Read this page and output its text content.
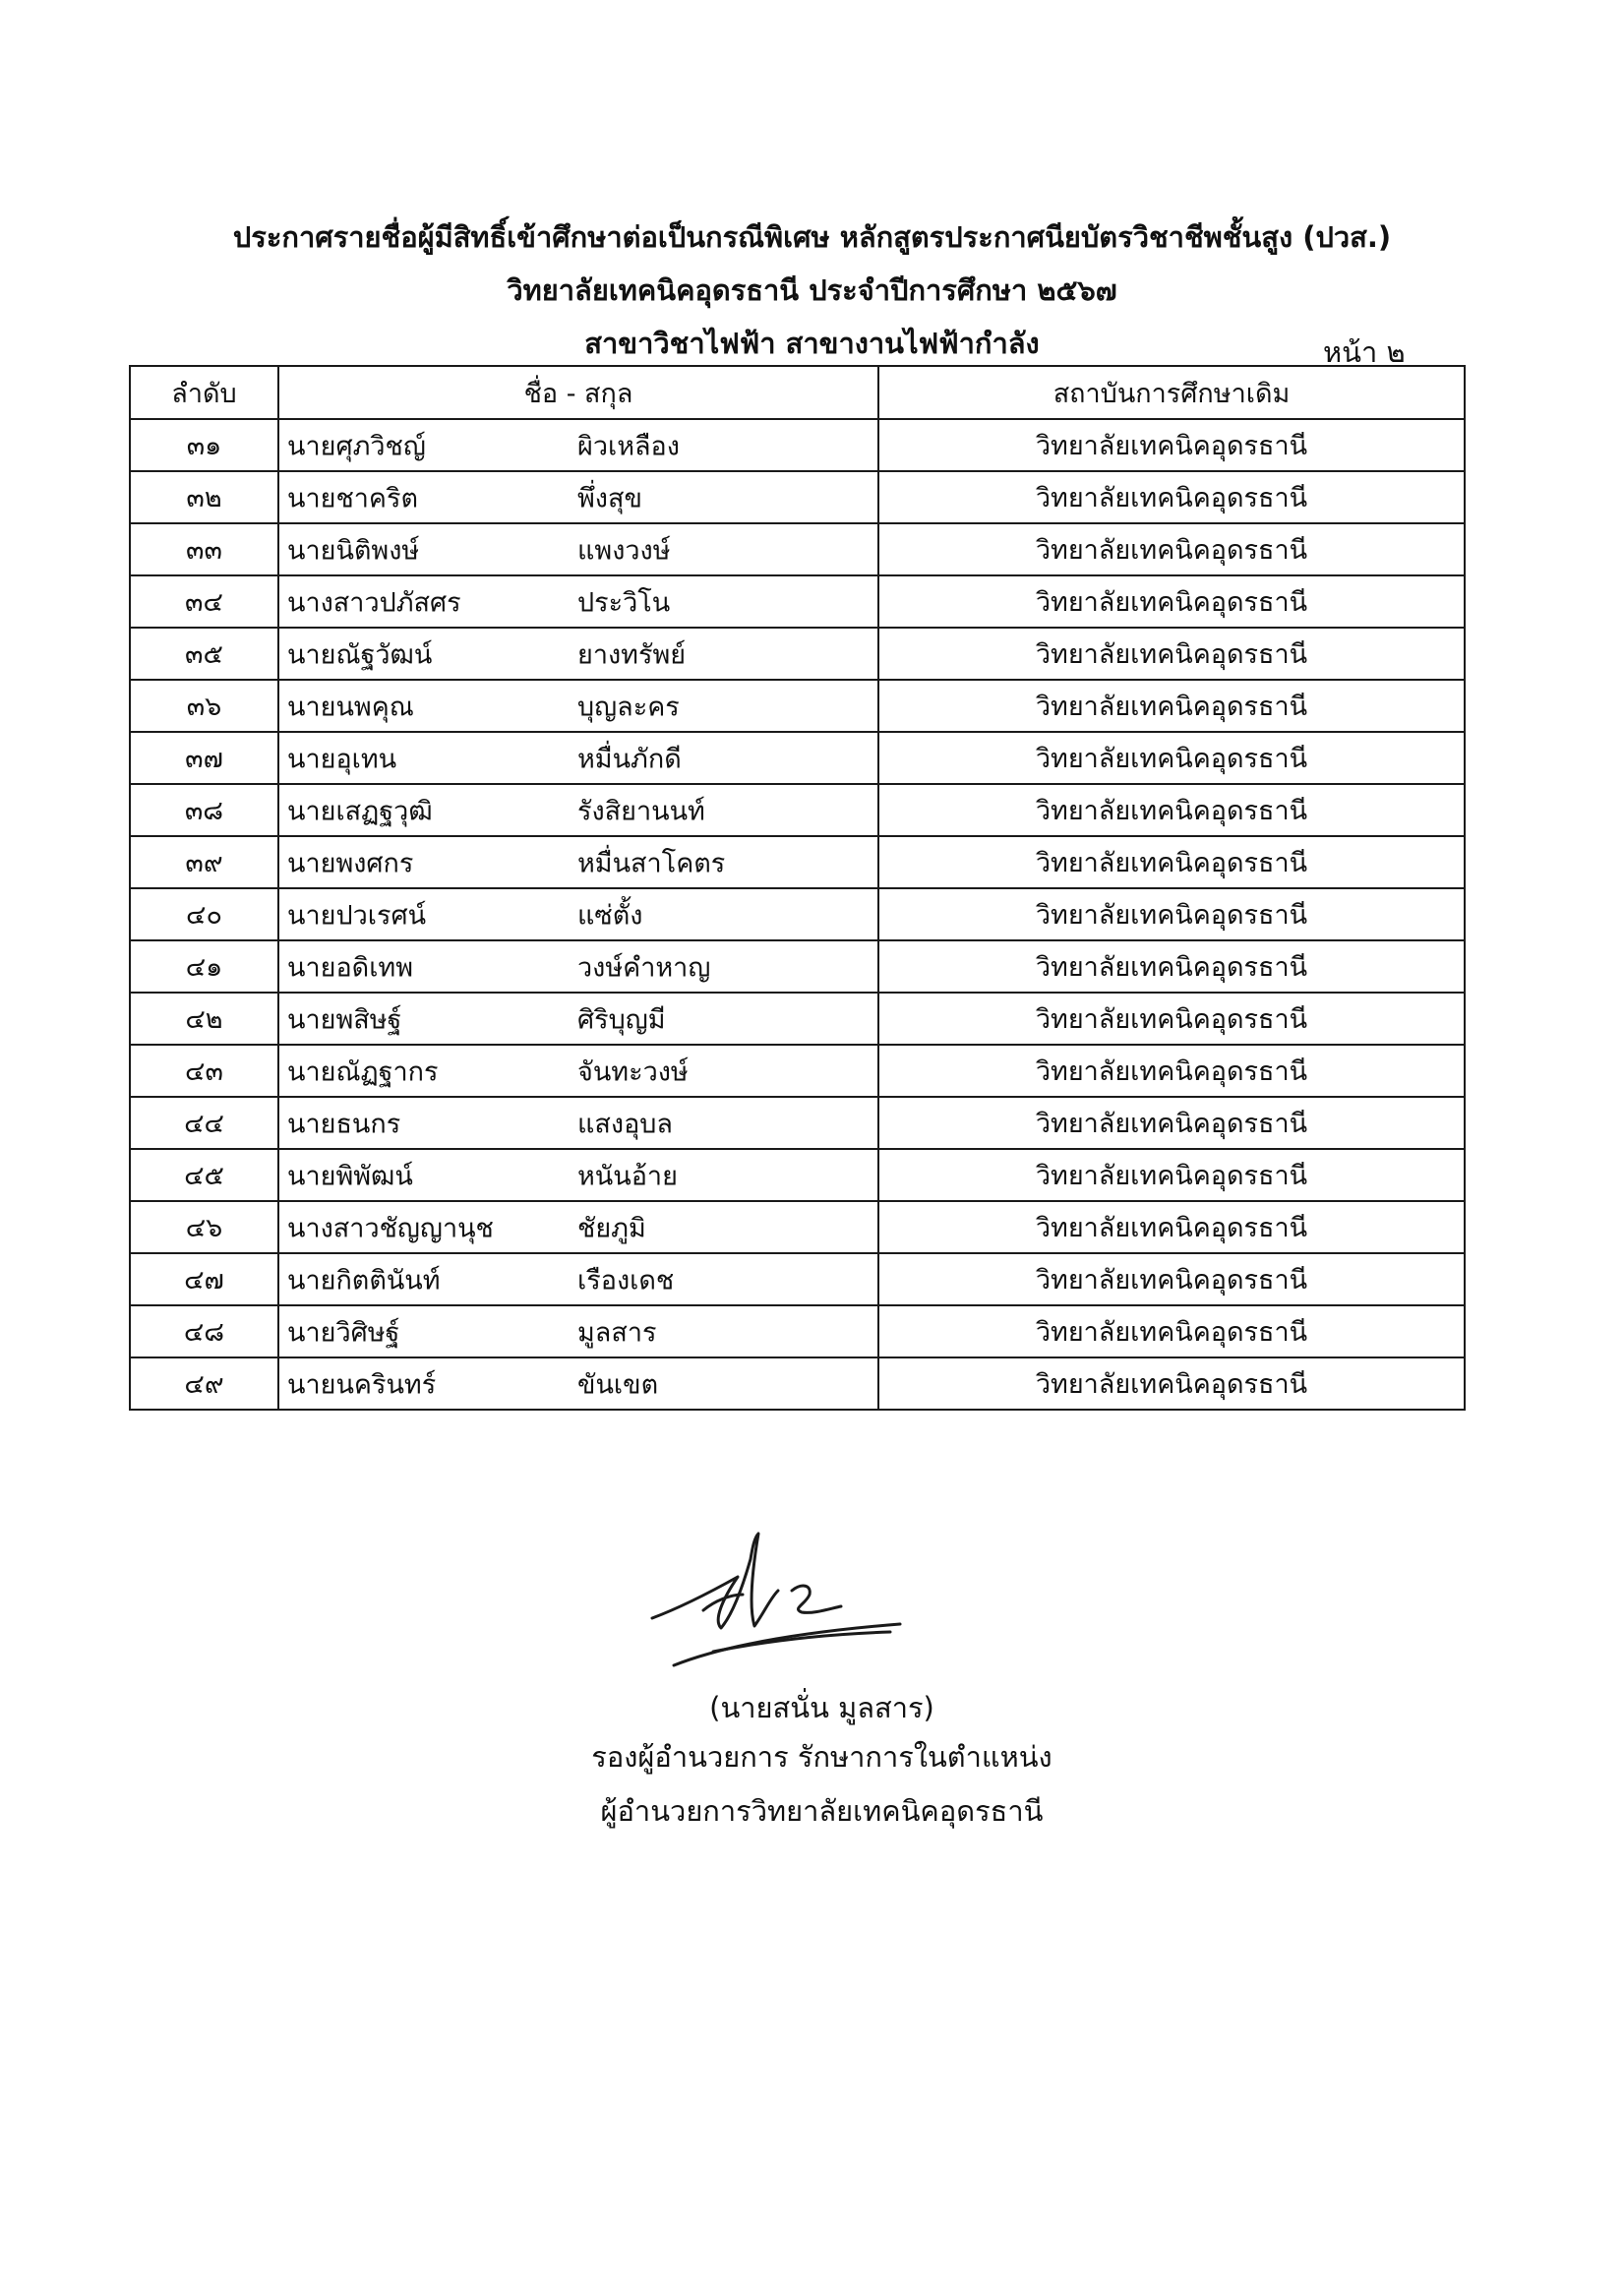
ประกาศรายชื่อผู้มีสิทธิ์เข้าศึกษาต่อเป็นกรณีพิเศษ หลักสูตรประกาศนียบัตรวิชาชีพชั้นสูง (ปวส.)
วิทยาลัยเทคนิคอุดรธานี ประจำปีการศึกษา ๒๕๖๗
สาขาวิชาไฟฟ้า สาขางานไฟฟ้ากำลัง	หน้า ๒
ลำดับ	ชื่อ - สกุล	สถาบันการศึกษาเดิม
๓๑	นายศุภวิชญ์ ผิวเหลือง	วิทยาลัยเทคนิคอุดรธานี
๓๒	นายชาคริต พึ่งสุข	วิทยาลัยเทคนิคอุดรธานี
๓๓	นายนิติพงษ์ แพงวงษ์	วิทยาลัยเทคนิคอุดรธานี
๓๔	นางสาวปภัสศร ประวิโน	วิทยาลัยเทคนิคอุดรธานี
๓๕	นายณัฐวัฒน์ ยางทรัพย์	วิทยาลัยเทคนิคอุดรธานี
๓๖	นายนพคุณ บุญละคร	วิทยาลัยเทคนิคอุดรธานี
๓๗	นายอุเทน หมื่นภักดี	วิทยาลัยเทคนิคอุดรธานี
๓๘	นายเสฏฐวุฒิ รังสิยานนท์	วิทยาลัยเทคนิคอุดรธานี
๓๙	นายพงศกร หมื่นสาโคตร	วิทยาลัยเทคนิคอุดรธานี
๔๐	นายปวเรศน์ แซ่ตั้ง	วิทยาลัยเทคนิคอุดรธานี
๔๑	นายอดิเทพ วงษ์คำหาญ	วิทยาลัยเทคนิคอุดรธานี
๔๒	นายพสิษฐ์ ศิริบุญมี	วิทยาลัยเทคนิคอุดรธานี
๔๓	นายณัฏฐากร จันทะวงษ์	วิทยาลัยเทคนิคอุดรธานี
๔๔	นายธนกร แสงอุบล	วิทยาลัยเทคนิคอุดรธานี
๔๕	นายพิพัฒน์ หนันอ้าย	วิทยาลัยเทคนิคอุดรธานี
๔๖	นางสาวชัญญานุช ชัยภูมิ	วิทยาลัยเทคนิคอุดรธานี
๔๗	นายกิตตินันท์ เรืองเดช	วิทยาลัยเทคนิคอุดรธานี
๔๘	นายวิศิษฐ์ มูลสาร	วิทยาลัยเทคนิคอุดรธานี
๔๙	นายนครินทร์ ขันเขต	วิทยาลัยเทคนิคอุดรธานี
(นายสนั่น มูลสาร)
รองผู้อำนวยการ รักษาการในตำแหน่ง
ผู้อำนวยการวิทยาลัยเทคนิคอุดรธานี
